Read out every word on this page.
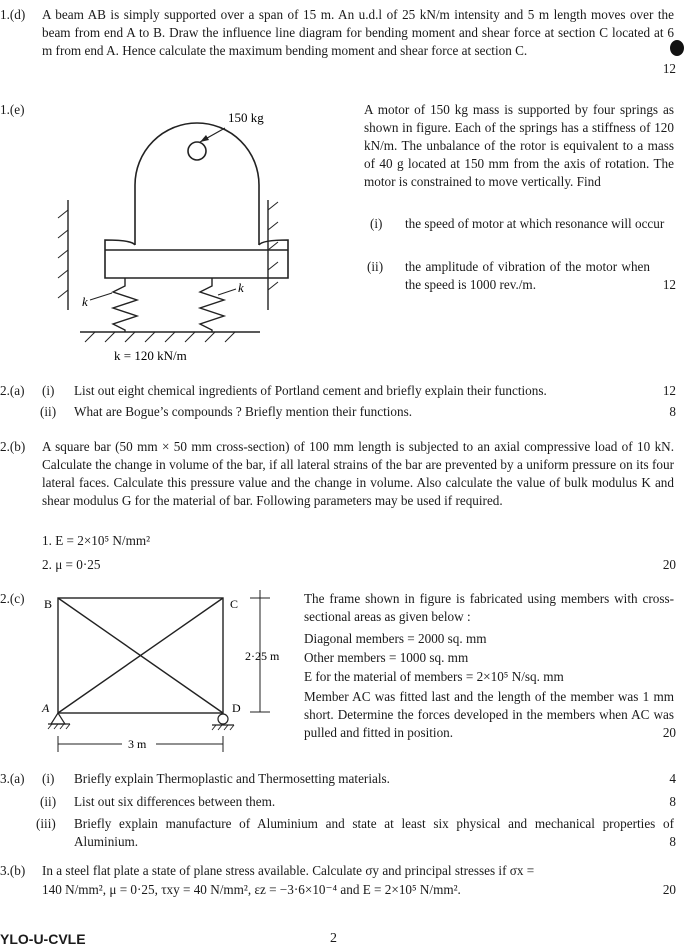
1.(d) A beam AB is simply supported over a span of 15 m. An u.d.l of 25 kN/m intensity and 5 m length moves over the beam from end A to B. Draw the influence line diagram for bending moment and shear force at section C located at 6 m from end A. Hence calculate the maximum bending moment and shear force at section C.
12
1.(e)
150 kg
k
k
k = 120 kN/m
A motor of 150 kg mass is supported by four springs as shown in figure. Each of the springs has a stiffness of 120 kN/m. The unbalance of the rotor is equivalent to a mass of 40 g located at 150 mm from the axis of rotation. The motor is constrained to move vertically. Find
(i) the speed of motor at which resonance will occur
(ii) the amplitude of vibration of the motor when the speed is 1000 rev./m.	12
2.(a) (i) List out eight chemical ingredients of Portland cement and briefly explain their functions.	12
(ii) What are Bogue’s compounds ? Briefly mention their functions.	8
2.(b) A square bar (50 mm × 50 mm cross-section) of 100 mm length is subjected to an axial compressive load of 10 kN. Calculate the change in volume of the bar, if all lateral strains of the bar are prevented by a uniform pressure on its four lateral faces. Calculate this pressure value and the change in volume. Also calculate the value of bulk modulus K and shear modulus G for the material of bar. Following parameters may be used if required.
1. E = 2×10⁵ N/mm²
2. μ = 0·25	20
2.(c) B	C
A	D
2·25 m
3 m
The frame shown in figure is fabricated using members with cross-sectional areas as given below :
Diagonal members = 2000 sq. mm
Other members = 1000 sq. mm
E for the material of members = 2×10⁵ N/sq. mm
Member AC was fitted last and the length of the member was 1 mm short. Determine the forces developed in the members when AC was pulled and fitted in position.	20
3.(a) (i) Briefly explain Thermoplastic and Thermosetting materials.	4
(ii) List out six differences between them.	8
(iii) Briefly explain manufacture of Aluminium and state at least six physical and mechanical properties of Aluminium.	8
3.(b) In a steel flat plate a state of plane stress available. Calculate σy and principal stresses if σx =
140 N/mm², μ = 0·25, τxy = 40 N/mm², εz = −3·6×10⁻⁴ and E = 2×10⁵ N/mm².	20
YLO-U-CVLE	2
